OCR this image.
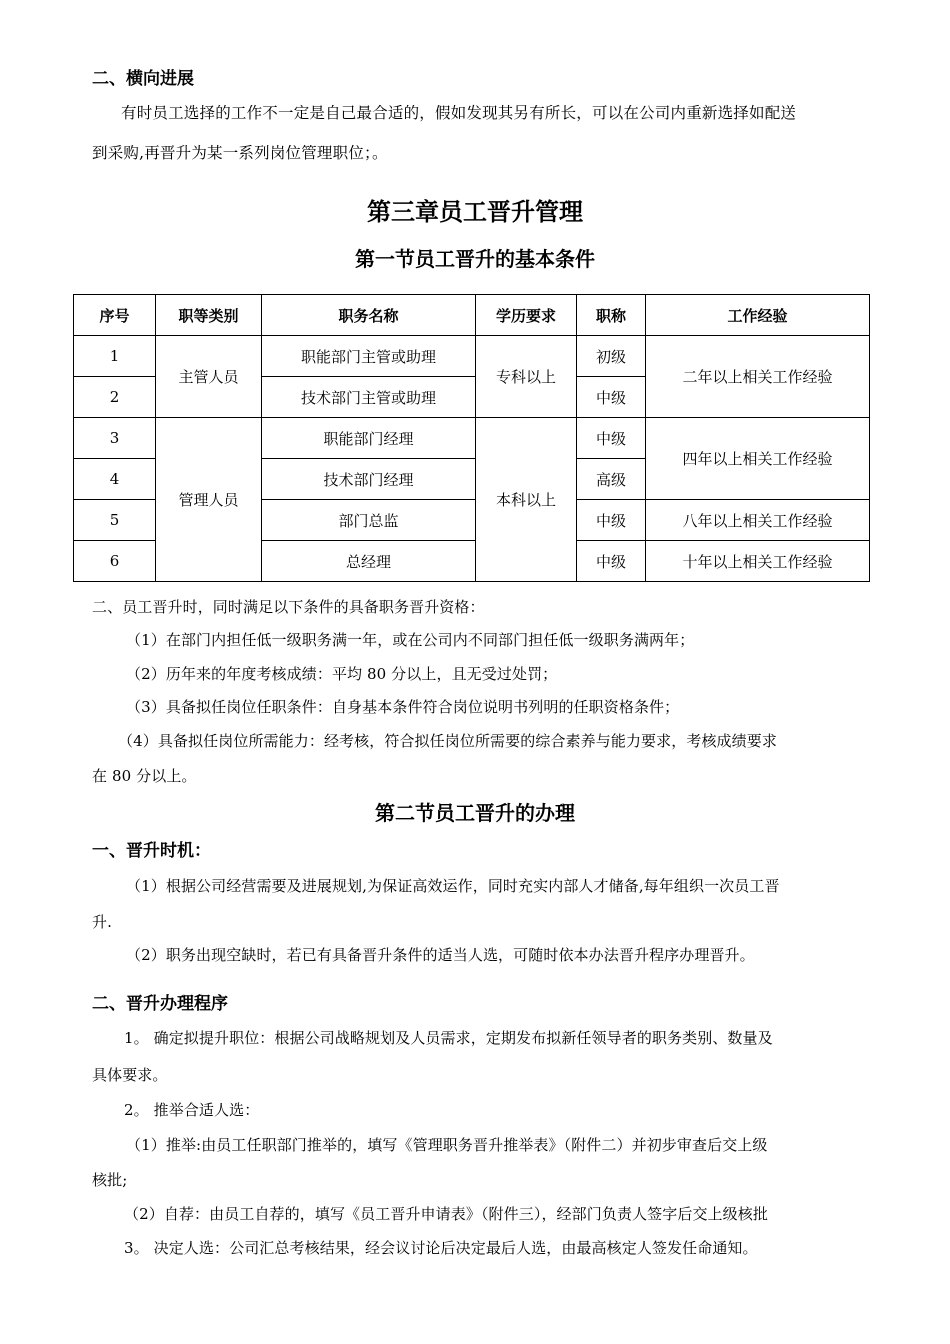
二、横向进展
有时员工选择的工作不一定是自己最合适的，假如发现其另有所长，可以在公司内重新选择如配送
到采购,再晋升为某一系列岗位管理职位；。
第三章员工晋升管理
第一节员工晋升的基本条件
序号	职等类别	职务名称	学历要求	职称	工作经验
1	主管人员	职能部门主管或助理	专科以上	初级	二年以上相关工作经验
2		技术部门主管或助理		中级	
3	管理人员	职能部门经理	本科以上	中级	四年以上相关工作经验
4		技术部门经理		高级	
5		部门总监		中级	八年以上相关工作经验
6		总经理		中级	十年以上相关工作经验
二、员工晋升时，同时满足以下条件的具备职务晋升资格：
（1）在部门内担任低一级职务满一年，或在公司内不同部门担任低一级职务满两年；
（2）历年来的年度考核成绩：平均 80 分以上，且无受过处罚；
（3）具备拟任岗位任职条件：自身基本条件符合岗位说明书列明的任职资格条件；
（4）具备拟任岗位所需能力：经考核，符合拟任岗位所需要的综合素养与能力要求，考核成绩要求
在 80 分以上。
第二节员工晋升的办理
一、晋升时机：
（1）根据公司经营需要及进展规划,为保证高效运作，同时充实内部人才储备,每年组织一次员工晋
升.
（2）职务出现空缺时，若已有具备晋升条件的适当人选，可随时依本办法晋升程序办理晋升。
二、晋升办理程序
1。 确定拟提升职位：根据公司战略规划及人员需求，定期发布拟新任领导者的职务类别、数量及
具体要求。
2。 推举合适人选：
（1）推举:由员工任职部门推举的，填写《管理职务晋升推举表》（附件二）并初步审查后交上级
核批;
（2）自荐：由员工自荐的，填写《员工晋升申请表》（附件三），经部门负责人签字后交上级核批
3。 决定人选：公司汇总考核结果，经会议讨论后决定最后人选，由最高核定人签发任命通知。
